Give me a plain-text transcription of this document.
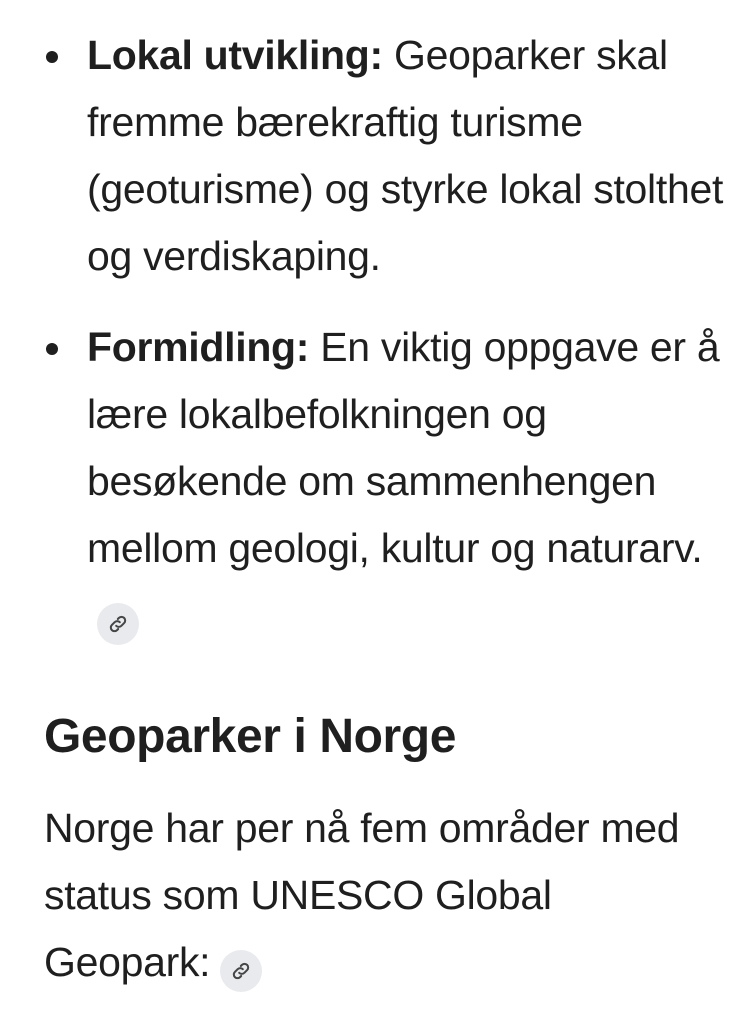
Lokal utvikling: Geoparker skal fremme bærekraftig turisme (geoturisme) og styrke lokal stolthet og verdiskaping.
Formidling: En viktig oppgave er å lære lokalbefolkningen og besøkende om sammenhengen mellom geologi, kultur og naturarv.
Geoparker i Norge

Norge har per nå fem områder med status som UNESCO Global Geopark:
